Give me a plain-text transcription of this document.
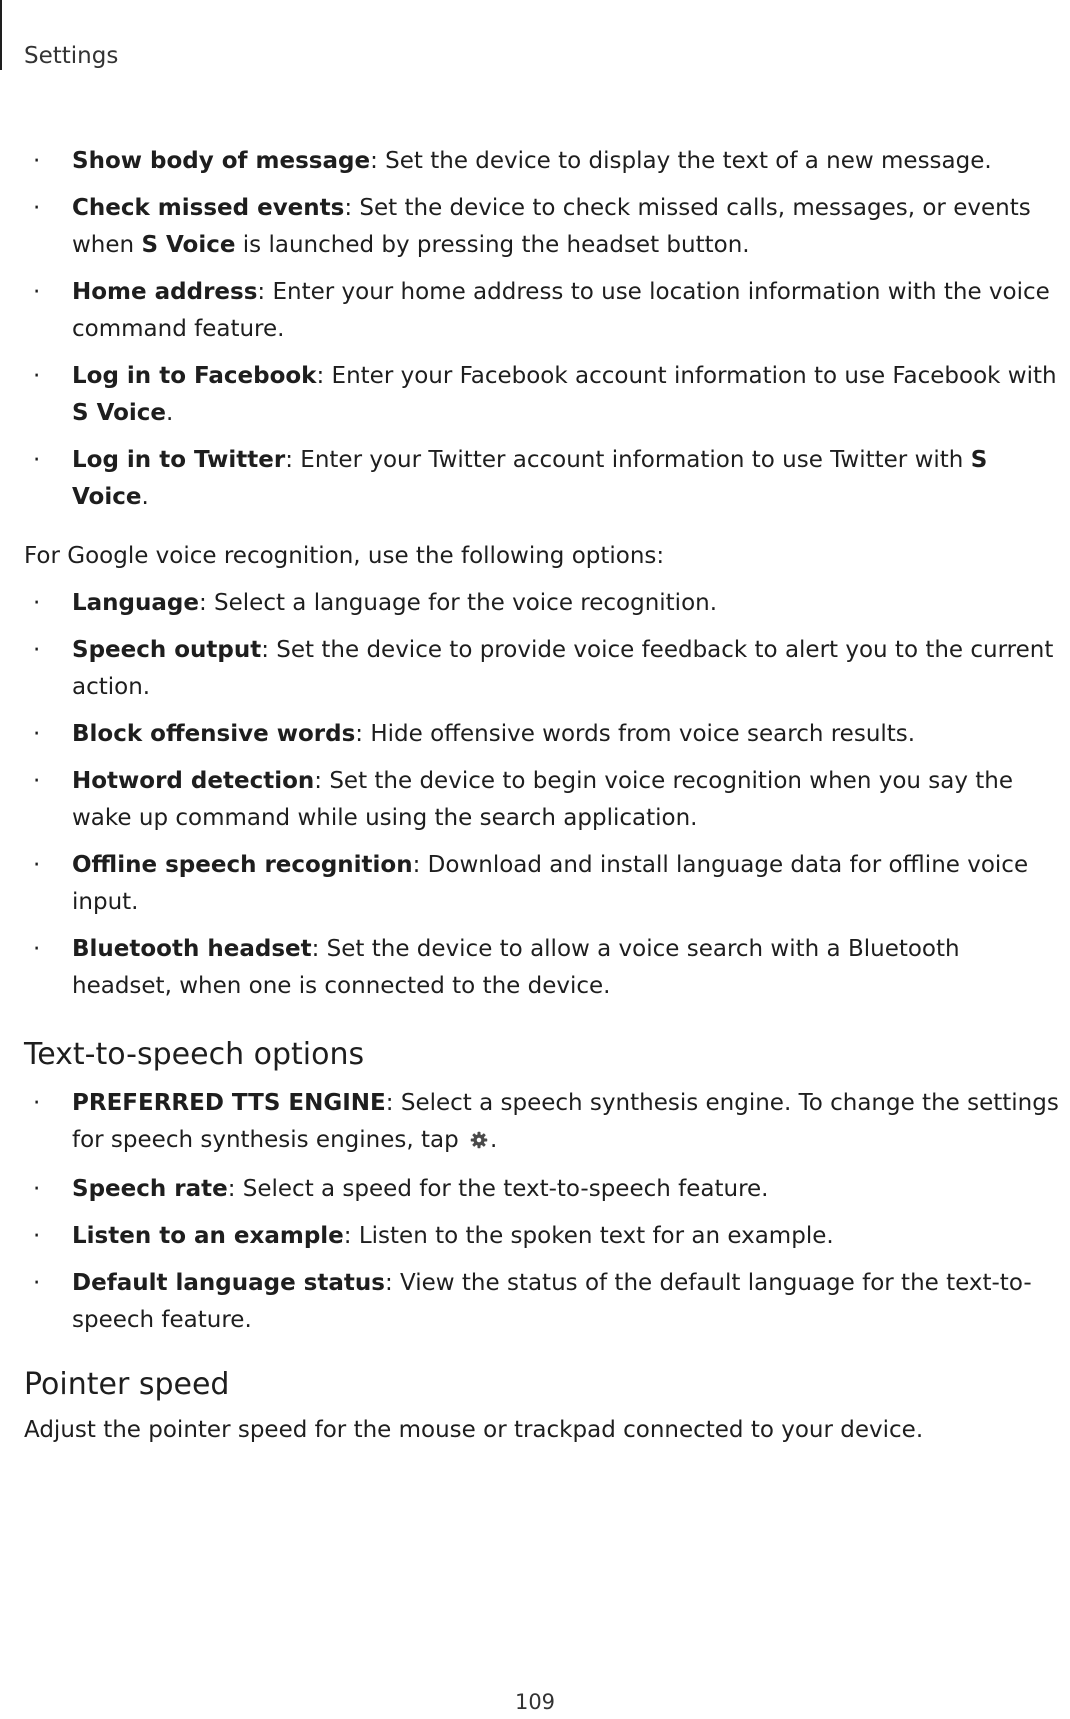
Settings
· Show body of message: Set the device to display the text of a new message.
· Check missed events: Set the device to check missed calls, messages, or events when S Voice is launched by pressing the headset button.
· Home address: Enter your home address to use location information with the voice command feature.
· Log in to Facebook: Enter your Facebook account information to use Facebook with S Voice.
· Log in to Twitter: Enter your Twitter account information to use Twitter with S Voice.

For Google voice recognition, use the following options:

· Language: Select a language for the voice recognition.
· Speech output: Set the device to provide voice feedback to alert you to the current action.
· Block offensive words: Hide offensive words from voice search results.
· Hotword detection: Set the device to begin voice recognition when you say the wake up command while using the search application.
· Offline speech recognition: Download and install language data for offline voice input.
· Bluetooth headset: Set the device to allow a voice search with a Bluetooth headset, when one is connected to the device.
Text-to-speech options
· PREFERRED TTS ENGINE: Select a speech synthesis engine. To change the settings for speech synthesis engines, tap .
· Speech rate: Select a speed for the text-to-speech feature.
· Listen to an example: Listen to the spoken text for an example.
· Default language status: View the status of the default language for the text-to-speech feature.
Pointer speed

Adjust the pointer speed for the mouse or trackpad connected to your device.

109
